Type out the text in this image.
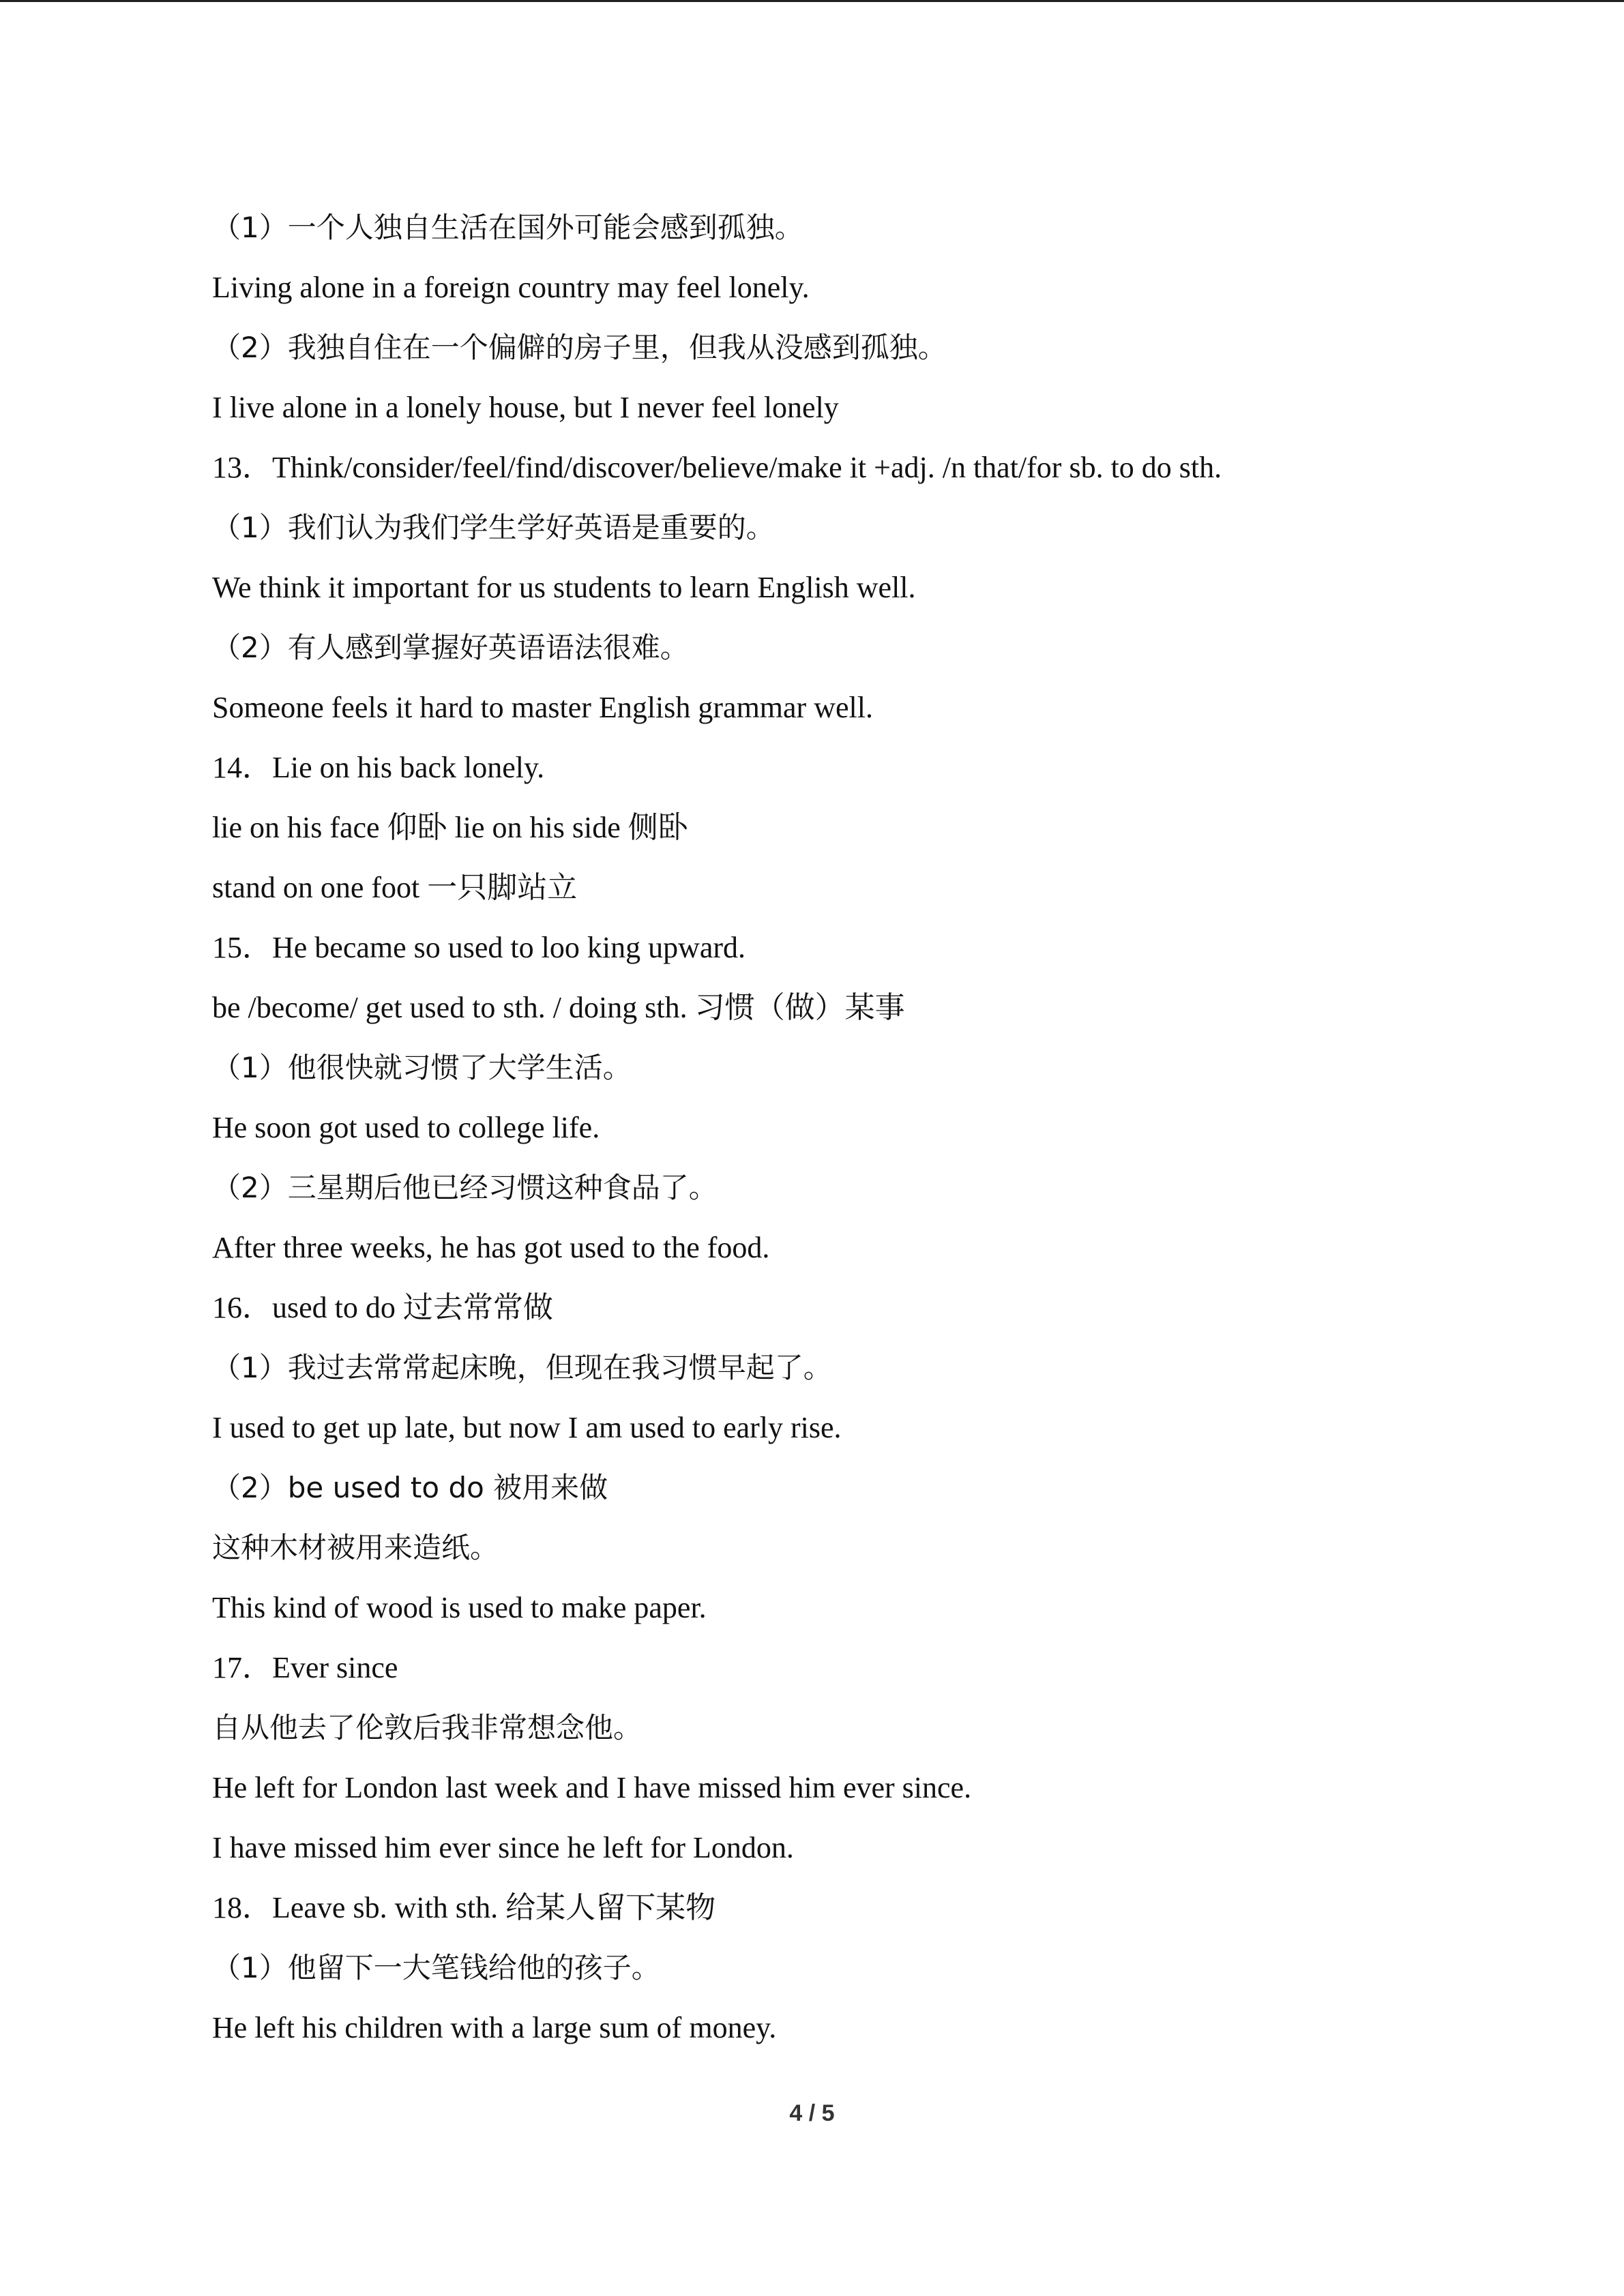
（1）一个人独自生活在国外可能会感到孤独。
Living alone in a foreign country may feel lonely.
（2）我独自住在一个偏僻的房子里，但我从没感到孤独。
I live alone in a lonely house, but I never feel lonely
13．Think/consider/feel/find/discover/believe/make it +adj. /n that/for sb. to do sth.
（1）我们认为我们学生学好英语是重要的。
We think it important for us students to learn English well.
（2）有人感到掌握好英语语法很难。
Someone feels it hard to master English grammar well.
14．Lie on his back lonely.
lie on his face 仰卧 lie on his side 侧卧
stand on one foot 一只脚站立
15．He became so used to loo king upward.
be /become/ get used to sth. / doing sth. 习惯（做）某事
（1）他很快就习惯了大学生活。
He soon got used to college life.
（2）三星期后他已经习惯这种食品了。
After three weeks, he has got used to the food.
16．used to do 过去常常做
（1）我过去常常起床晚，但现在我习惯早起了。
I used to get up late, but now I am used to early rise.
（2）be used to do 被用来做
这种木材被用来造纸。
This kind of wood is used to make paper.
17．Ever since
自从他去了伦敦后我非常想念他。
He left for London last week and I have missed him ever since.
I have missed him ever since he left for London.
18．Leave sb. with sth. 给某人留下某物
（1）他留下一大笔钱给他的孩子。
He left his children with a large sum of money.
4 / 5
